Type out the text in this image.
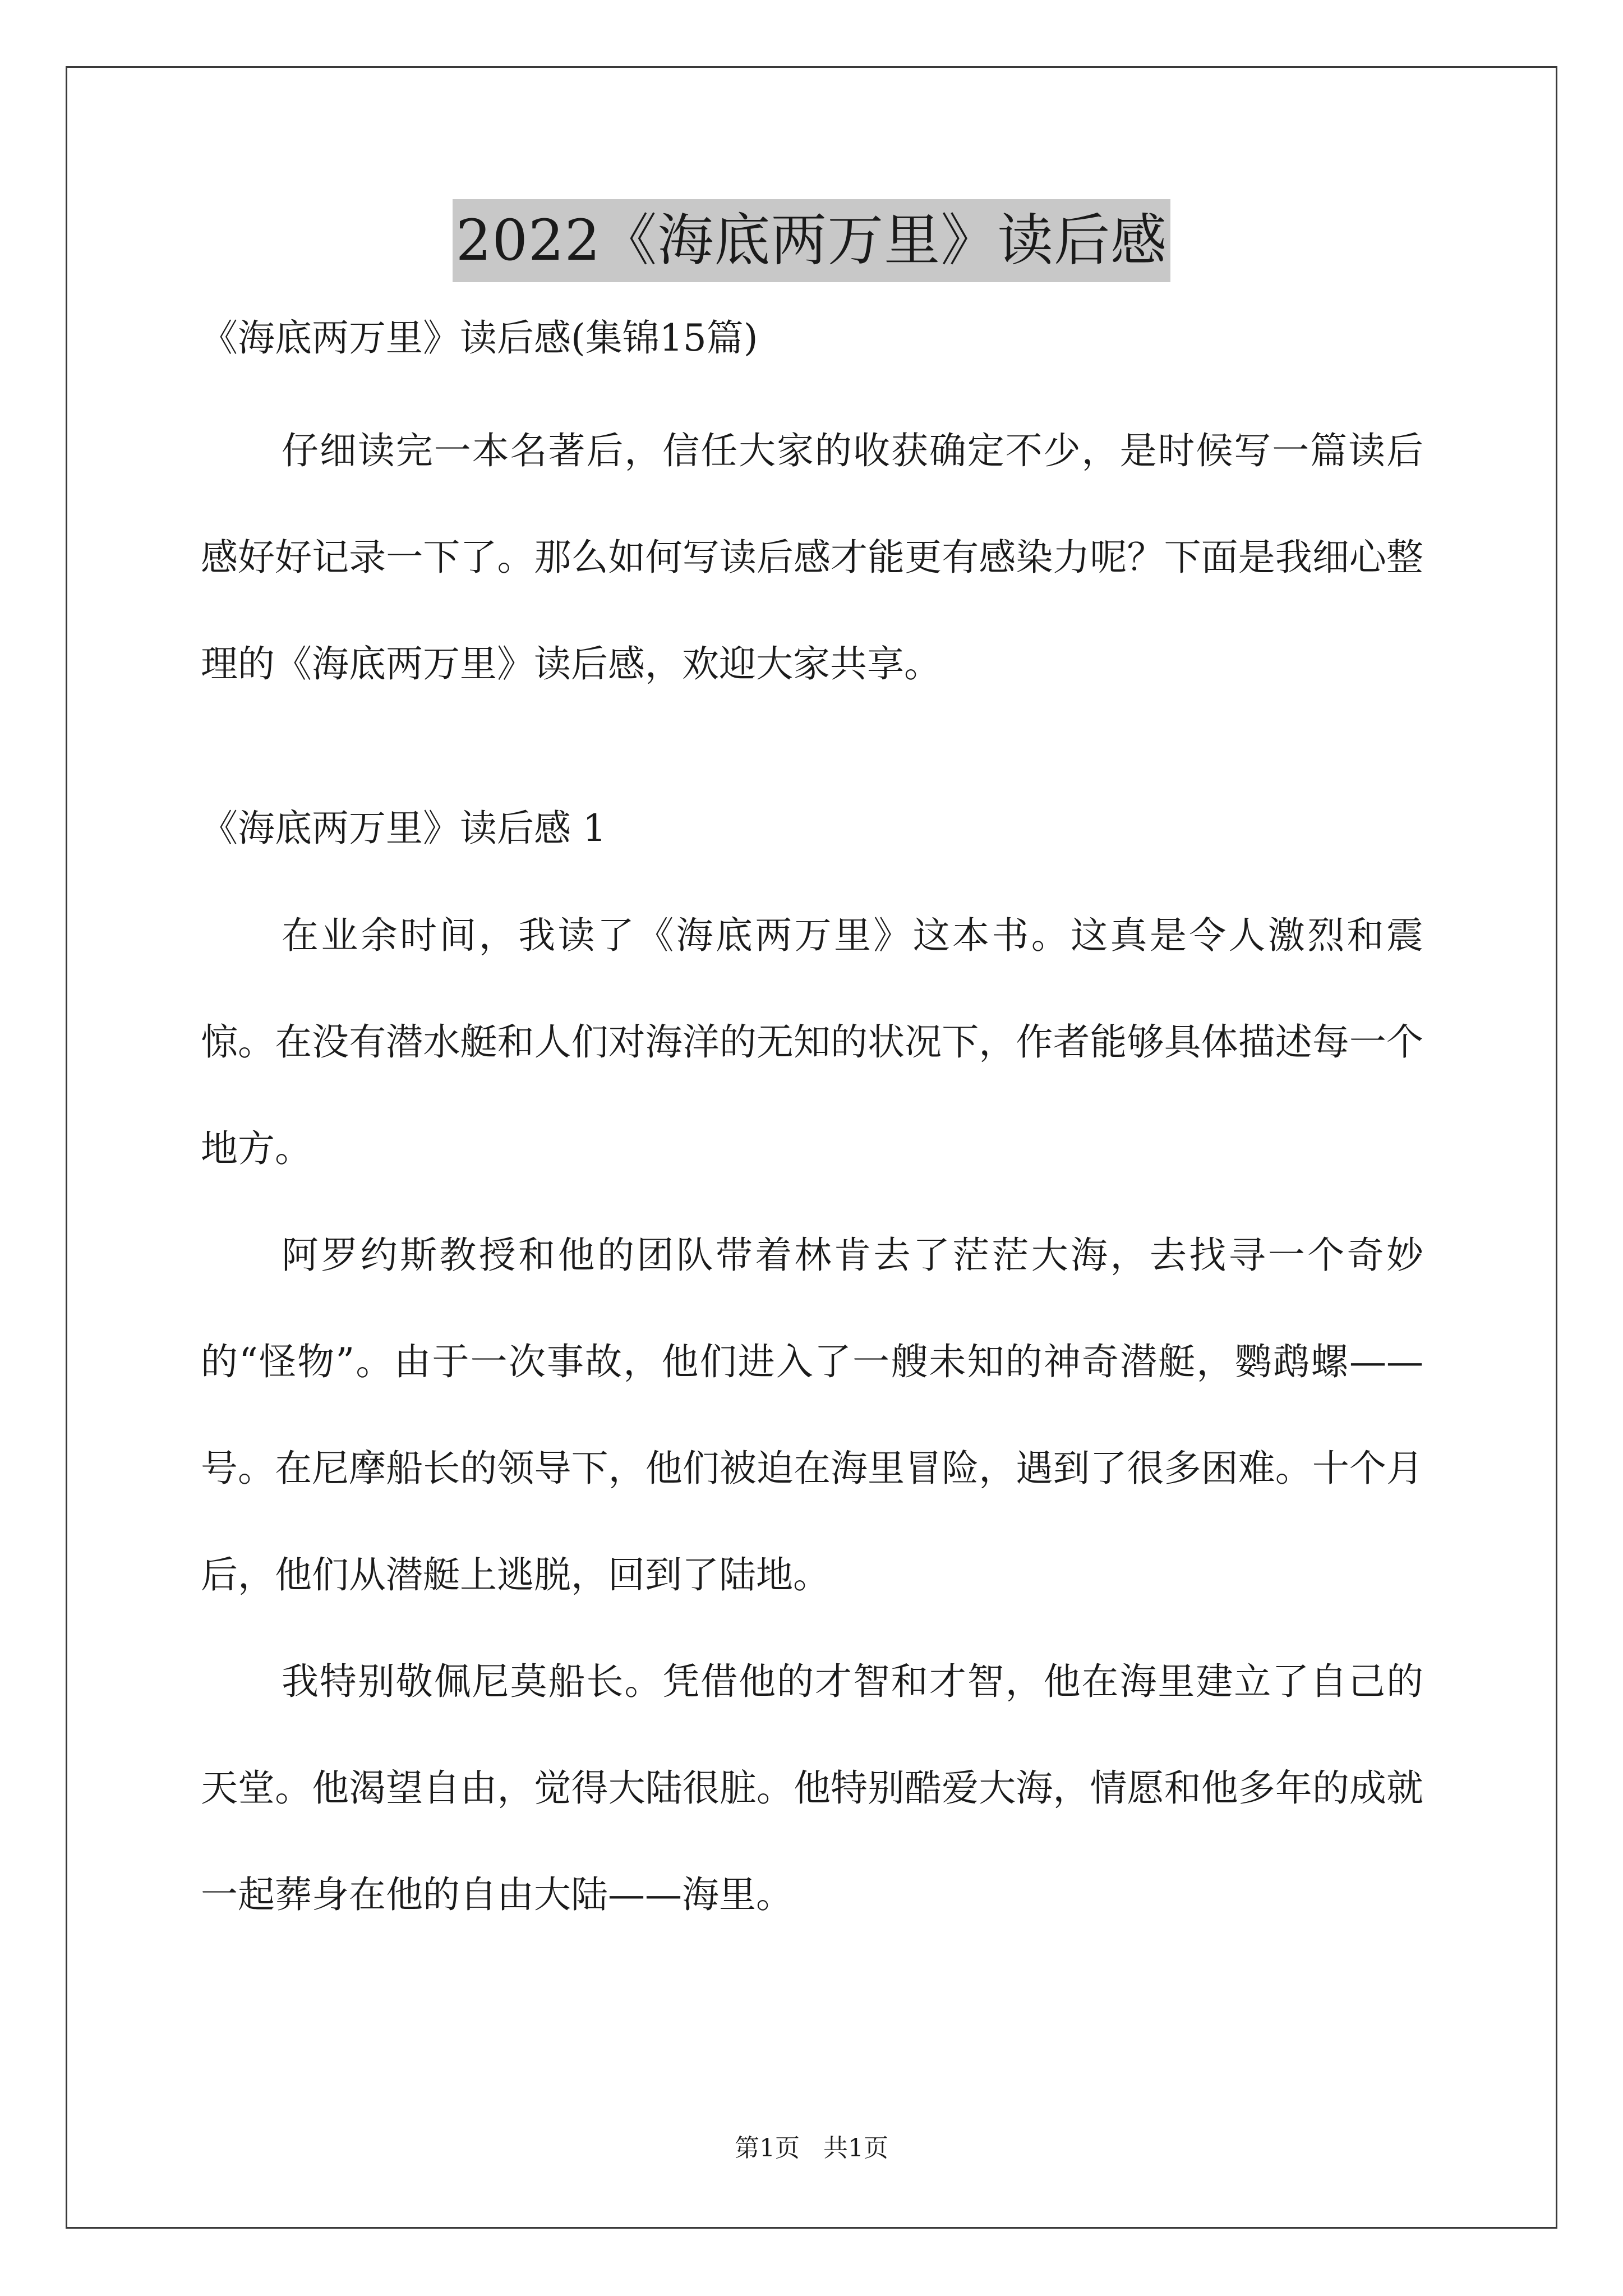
2022《海底两万里》读后感

《海底两万里》读后感(集锦15篇)

仔细读完一本名著后，信任大家的收获确定不少，是时候写一篇读后感好好记录一下了。那么如何写读后感才能更有感染力呢？下面是我细心整理的《海底两万里》读后感，欢迎大家共享。

《海底两万里》读后感 1

在业余时间，我读了《海底两万里》这本书。这真是令人激烈和震惊。在没有潜水艇和人们对海洋的无知的状况下，作者能够具体描述每一个地方。

阿罗约斯教授和他的团队带着林肯去了茫茫大海，去找寻一个奇妙的“怪物”。由于一次事故，他们进入了一艘未知的神奇潜艇，鹦鹉螺——号。在尼摩船长的领导下，他们被迫在海里冒险，遇到了很多困难。十个月后，他们从潜艇上逃脱，回到了陆地。

我特别敬佩尼莫船长。凭借他的才智和才智，他在海里建立了自己的天堂。他渴望自由，觉得大陆很脏。他特别酷爱大海，情愿和他多年的成就一起葬身在他的自由大陆——海里。

第1页 共1页
